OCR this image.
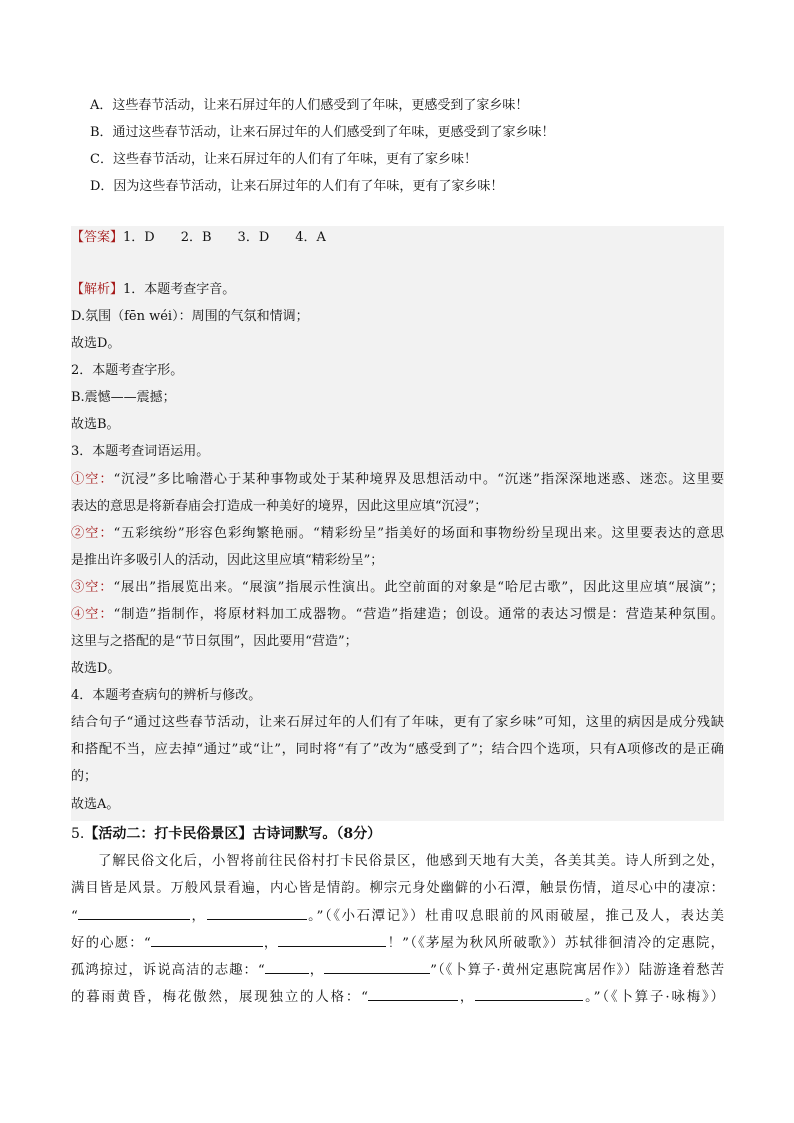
A．这些春节活动，让来石屏过年的人们感受到了年味，更感受到了家乡味！
B．通过这些春节活动，让来石屏过年的人们感受到了年味，更感受到了家乡味！
C．这些春节活动，让来石屏过年的人们有了年味，更有了家乡味！
D．因为这些春节活动，让来石屏过年的人们有了年味，更有了家乡味！
【答案】1．D 2．B 3．D 4．A
【解析】1．本题考查字音。
D.氛围（fēn wéi）：周围的气氛和情调；
故选D。
2．本题考查字形。
B.震憾——震撼；
故选B。
3．本题考查词语运用。
①空：“沉浸”多比喻潜心于某种事物或处于某种境界及思想活动中。“沉迷”指深深地迷惑、迷恋。这里要
表达的意思是将新春庙会打造成一种美好的境界，因此这里应填“沉浸”；
②空：“五彩缤纷”形容色彩绚繁艳丽。“精彩纷呈”指美好的场面和事物纷纷呈现出来。这里要表达的意思
是推出许多吸引人的活动，因此这里应填“精彩纷呈”；
③空：“展出”指展览出来。“展演”指展示性演出。此空前面的对象是“哈尼古歌”，因此这里应填“展演”；
④空：“制造”指制作，将原材料加工成器物。“营造”指建造；创设。通常的表达习惯是：营造某种氛围。
这里与之搭配的是“节日氛围”，因此要用“营造”；
故选D。
4．本题考查病句的辨析与修改。
结合句子“通过这些春节活动，让来石屏过年的人们有了年味，更有了家乡味”可知，这里的病因是成分残缺
和搭配不当，应去掉“通过”或“让”，同时将“有了”改为“感受到了”；结合四个选项，只有A项修改的是正确
的；
故选A。
5.【活动二：打卡民俗景区】古诗词默写。（8分）
了解民俗文化后，小智将前往民俗村打卡民俗景区，他感到天地有大美，各美其美。诗人所到之处，
满目皆是风景。万般风景看遍，内心皆是情韵。柳宗元身处幽僻的小石潭，触景伤情，道尽心中的凄凉：
“	，	。”（《小石潭记》）杜甫叹息眼前的风雨破屋，推己及人，表达美
好的心愿：“	，	！”（《茅屋为秋风所破歌》）苏轼徘徊清冷的定惠院，
孤鸿掠过，诉说高洁的志趣：“	，	”（《卜算子·黄州定惠院寓居作》）陆游逢着愁苦
的暮雨黄昏，梅花傲然，展现独立的人格：“	，	。”（《卜算子·咏梅》）
